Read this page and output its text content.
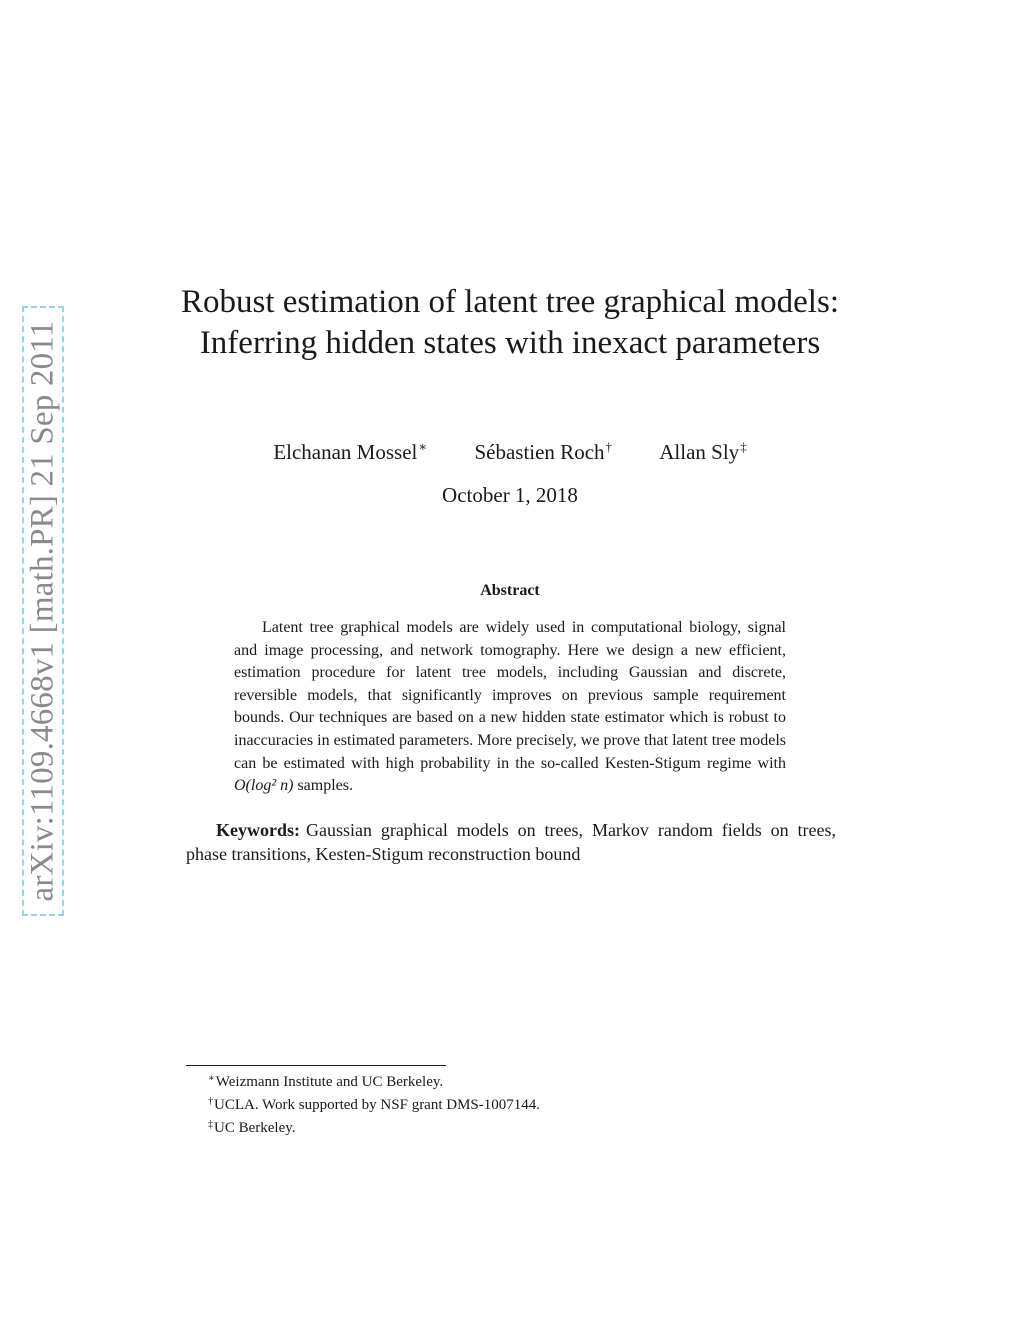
arXiv:1109.4668v1 [math.PR] 21 Sep 2011
Robust estimation of latent tree graphical models: Inferring hidden states with inexact parameters
Elchanan Mossel∗ Sébastien Roch† Allan Sly‡
October 1, 2018
Abstract

Latent tree graphical models are widely used in computational biology, signal and image processing, and network tomography. Here we design a new efficient, estimation procedure for latent tree models, including Gaussian and discrete, reversible models, that significantly improves on previous sample requirement bounds. Our techniques are based on a new hidden state estimator which is robust to inaccuracies in estimated parameters. More precisely, we prove that latent tree models can be estimated with high probability in the so-called Kesten-Stigum regime with O(log² n) samples.

Keywords: Gaussian graphical models on trees, Markov random fields on trees, phase transitions, Kesten-Stigum reconstruction bound

∗Weizmann Institute and UC Berkeley.
†UCLA. Work supported by NSF grant DMS-1007144.
‡UC Berkeley.
